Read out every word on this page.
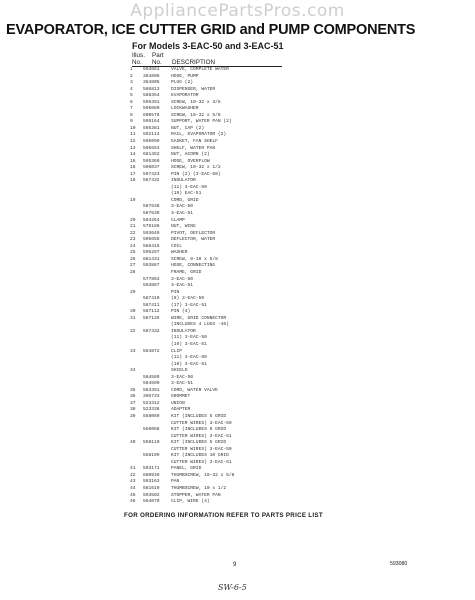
AppliancePartsPros.com
EVAPORATOR, ICE CUTTER GRID and PUMP COMPONENTS
For Models 3-EAC-50 and 3-EAC-51
Illus. Part
No. No. DESCRIPTION
1	593681 VALVE, COMPLETE WATER
2	384806 HOSE, PUMP
3	384805 PLUG (2)
4	586813 DISPENSER, WATER
5	588354 EVAPORATOR
6	595391 SCREW, 10-32 x 3/8
7	595080 LOCKWASHER
8	600576 SCREW, 10-32 x 5/8
9	595164 SUPPORT, WATER PAN (2)
10	595381 NUT, CAP (2)
11	592114 RAIL, EVAPORATOR (2)
12	595099 GASKET, FAN SHELF
13	595653 SHELF, WATER PAN
14	681452 NUT, ACORN (2)
15	595369 HOSE, OVERFLOW
16	596037 SCREW, 10-32 x 1/2
17	597423 PIN (2) (3-EAC-50)
18	587432 INSULATOR
(11) 3-EAC-50
(19) EAC-51
19	CORD, GRID
587638 3-EAC-50
587639 3-EAC-51
20	594264 CLAMP
21	576188 NUT, WING
22	593649 PIVOT, DEFLECTOR
23	595655 DEFLECTOR, WATER
24	588416 COIL
25	595297 WASHER
26	681431 SCREW, 8-18 x 5/8
27	593887 HOSE, CONNECTING
28	FRAME, GRID
577863 3-EAC-50
563887 3-EAC-51
29	PIN
587410 (8) 3-EAC-50
587411 (17) 3-EAC-51
30	587112 PIN (4)
31	587126 WIRE, GRID CONNECTOR
(INCLUDES 4 LUGS -46)
32	587432 INSULATOR
(11) 3-EAC-50
(19) 3-EAC-51
33	564872 CLIP
(11) 3-EAC-50
(19) 3-EAC-51
34	SHIELD
564589 3-EAC-50
564590 3-EAC-51
35	563391 CORD, WATER VALVE
36	396733 GROMMET
37	523312 UNION
38	523338 ADAPTER
39	558089 KIT (INCLUDES 5 GRID
CUTTER WIRES) 3-EAC-50
558088 KIT (INCLUDES 9 GRID
CUTTER WIRES) 3-EAC-51
40	558110 KIT (INCLUDES 5 GRID
CUTTER WIRES) 3-EAC-50
558109 KIT (INCLUDES 10 GRID
CUTTER WIRES) 3-EAC-51
41	593171 PANEL, GRID
42	680939 THUMBSCREW, 10-32 x 5/8
43	593163 PAN
44	681619 THUMBSCREW, 10 x 1/2
45	593502 STOPPER, WATER PAN
46	564070 CLIP, WIRE (4)
FOR ORDERING INFORMATION REFER TO PARTS PRICE LIST
9	593080
SW-6-5
